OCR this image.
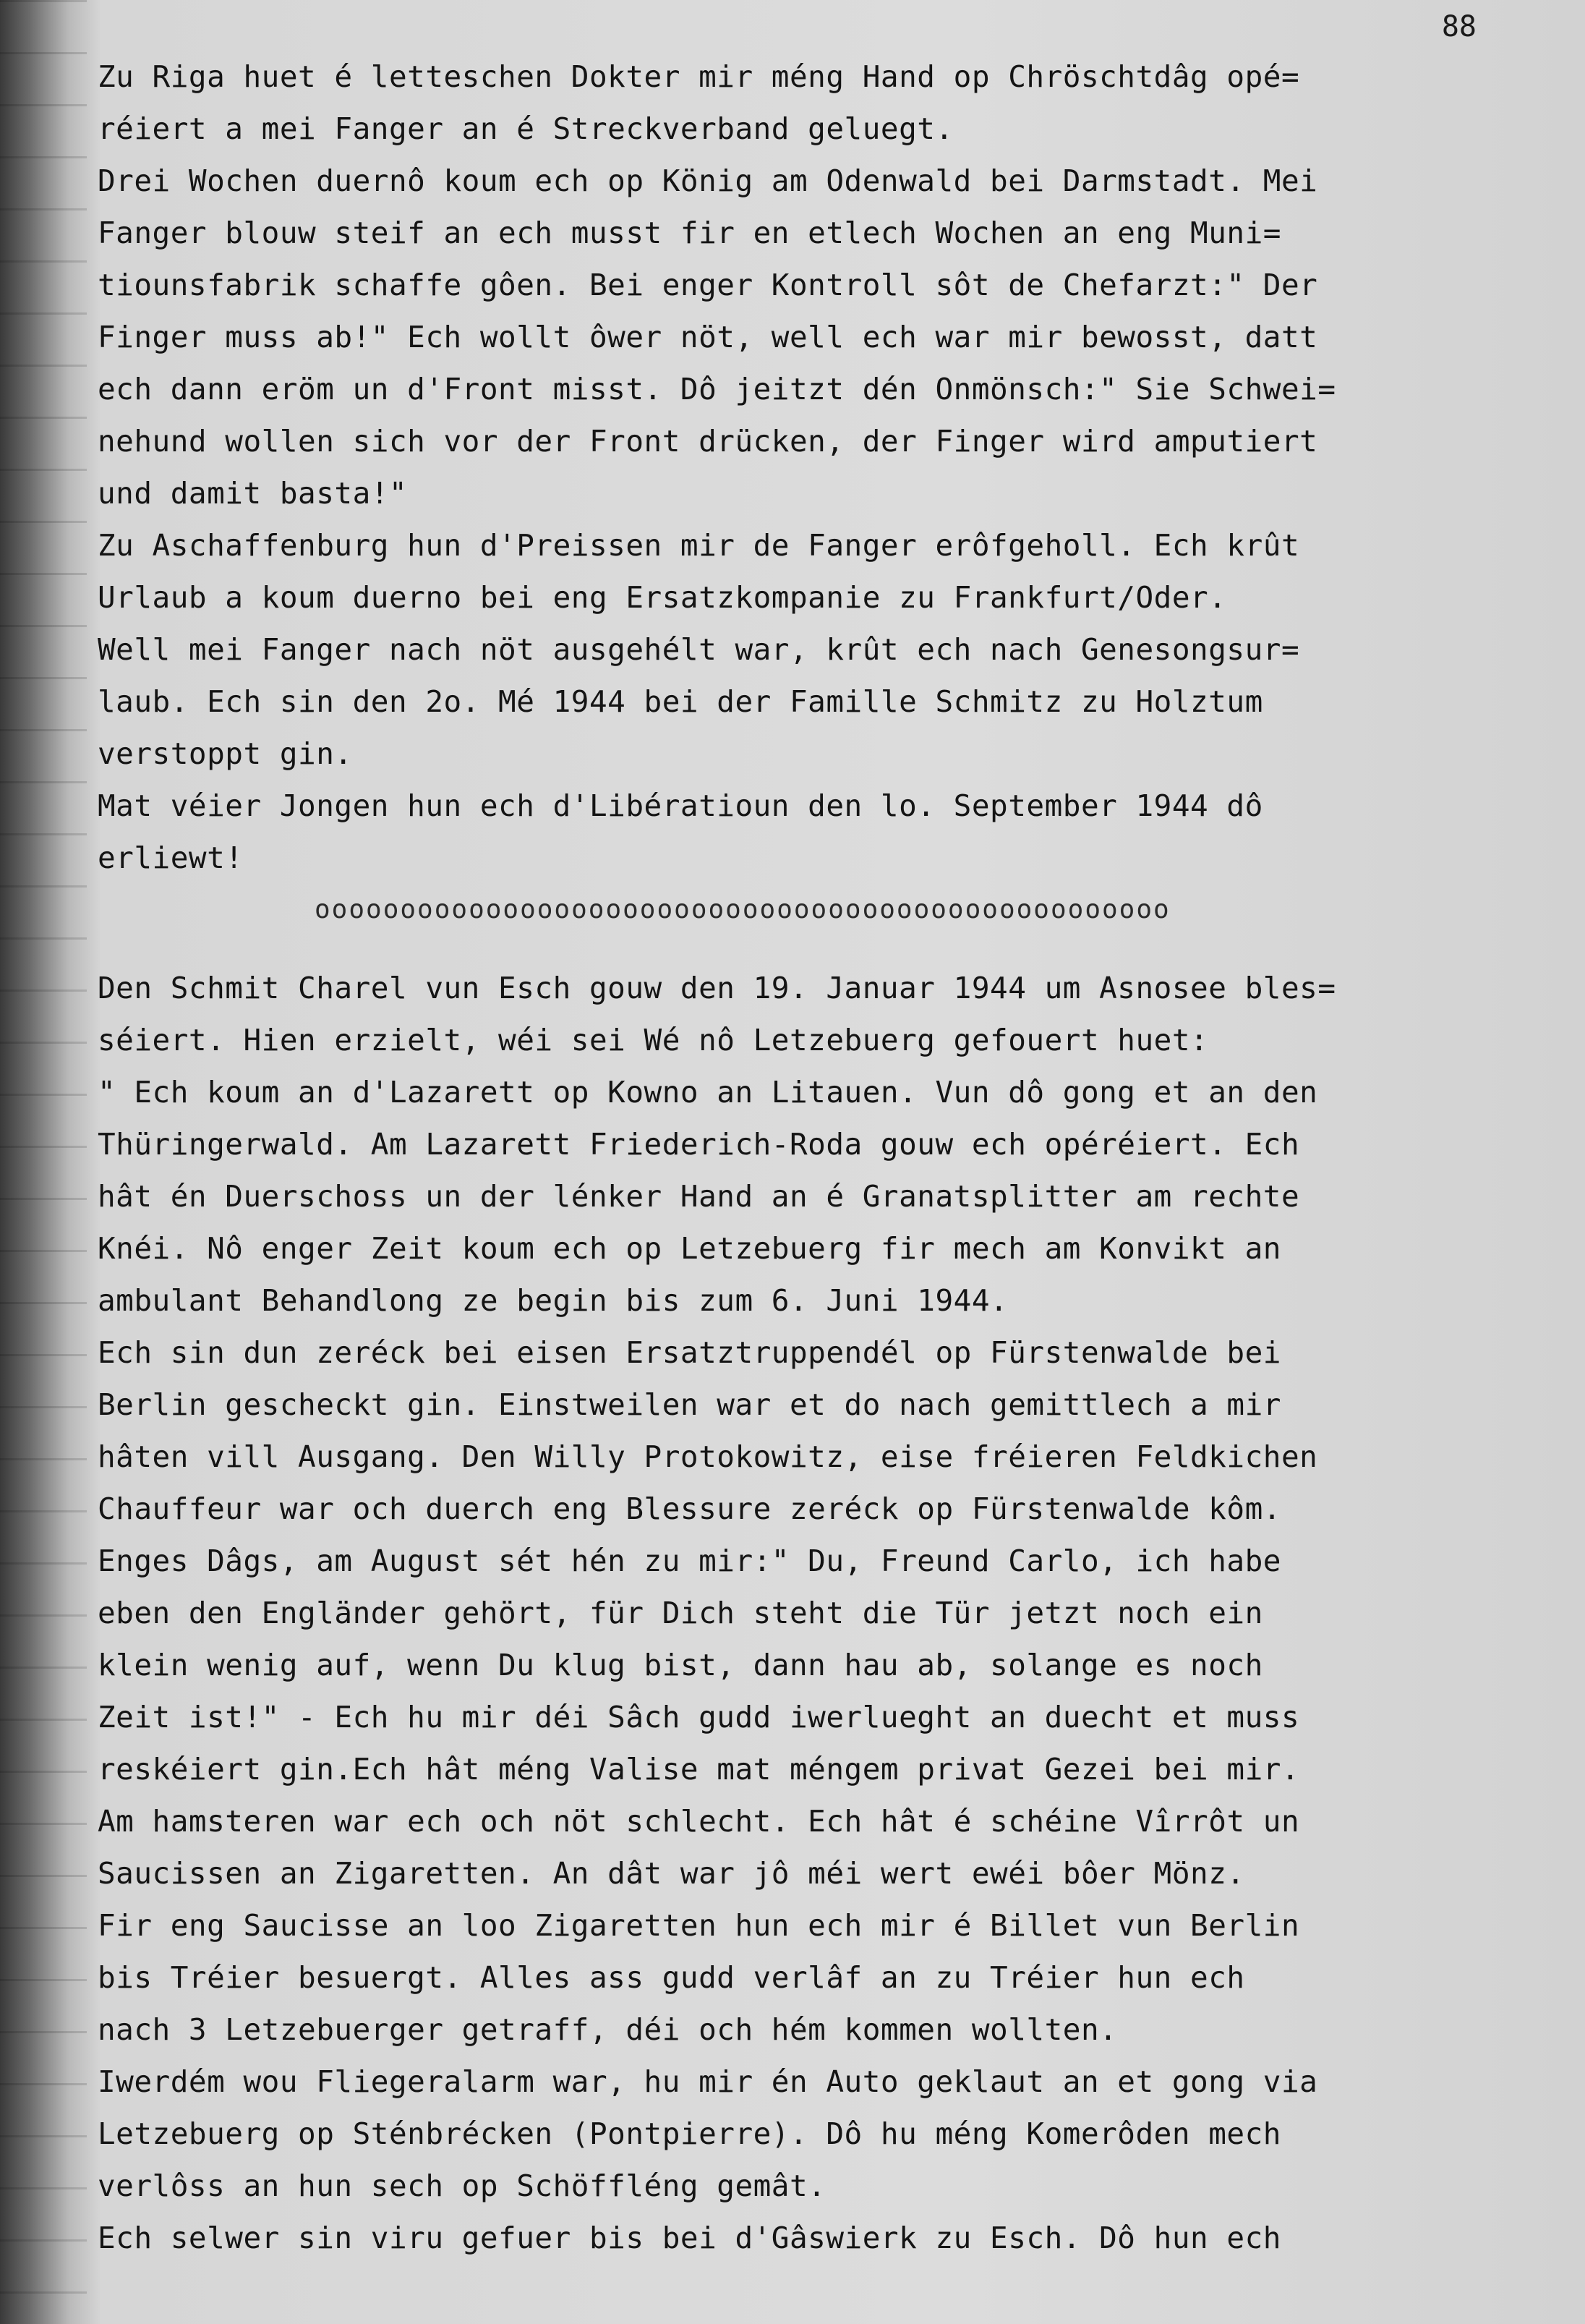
88
Zu Riga huet é letteschen Dokter mir méng Hand op Chröschtdâg opé=
réiert a mei Fanger an é Streckverband geluegt.
Drei Wochen duernô koum ech op König am Odenwald bei Darmstadt. Mei
Fanger blouw steif an ech musst fir en etlech Wochen an eng Muni=
tiounsfabrik schaffe gôen. Bei enger Kontroll sôt de Chefarzt:" Der
Finger muss ab!" Ech wollt ôwer nöt, well ech war mir bewosst, datt
ech dann eröm un d'Front misst. Dô jeitzt dén Onmönsch:" Sie Schwei=
nehund wollen sich vor der Front drücken, der Finger wird amputiert
und damit basta!"
Zu Aschaffenburg hun d'Preissen mir de Fanger erôfgeholl. Ech krût
Urlaub a koum duerno bei eng Ersatzkompanie zu Frankfurt/Oder.
Well mei Fanger nach nöt ausgehélt war, krût ech nach Genesongsur=
laub. Ech sin den 2o. Mé 1944 bei der Famille Schmitz zu Holztum
verstoppt gin.
Mat véier Jongen hun ech d'Libératioun den lo. September 1944 dô
erliewt!
oooooooooooooooooooooooooooooooooooooooooooooooooo
Den Schmit Charel vun Esch gouw den 19. Januar 1944 um Asnosee bles=
séiert. Hien erzielt, wéi sei Wé nô Letzebuerg gefouert huet:
" Ech koum an d'Lazarett op Kowno an Litauen. Vun dô gong et an den
Thüringerwald. Am Lazarett Friederich-Roda gouw ech opéréiert. Ech
hât én Duerschoss un der lénker Hand an é Granatsplitter am rechte
Knéi. Nô enger Zeit koum ech op Letzebuerg fir mech am Konvikt an
ambulant Behandlong ze begin bis zum 6. Juni 1944.
Ech sin dun zeréck bei eisen Ersatztruppendél op Fürstenwalde bei
Berlin gescheckt gin. Einstweilen war et do nach gemittlech a mir
hâten vill Ausgang. Den Willy Protokowitz, eise fréieren Feldkichen
Chauffeur war och duerch eng Blessure zeréck op Fürstenwalde kôm.
Enges Dâgs, am August sét hén zu mir:" Du, Freund Carlo, ich habe
eben den Engländer gehört, für Dich steht die Tür jetzt noch ein
klein wenig auf, wenn Du klug bist, dann hau ab, solange es noch
Zeit ist!" - Ech hu mir déi Sâch gudd iwerlueght an duecht et muss
reskéiert gin.Ech hât méng Valise mat méngem privat Gezei bei mir.
Am hamsteren war ech och nöt schlecht. Ech hât é schéine Vîrrôt un
Saucissen an Zigaretten. An dât war jô méi wert ewéi bôer Mönz.
Fir eng Saucisse an loo Zigaretten hun ech mir é Billet vun Berlin
bis Tréier besuergt. Alles ass gudd verlâf an zu Tréier hun ech
nach 3 Letzebuerger getraff, déi och hém kommen wollten.
Iwerdém wou Fliegeralarm war, hu mir én Auto geklaut an et gong via
Letzebuerg op Sténbrécken (Pontpierre). Dô hu méng Komerôden mech
verlôss an hun sech op Schöffléng gemât.
Ech selwer sin viru gefuer bis bei d'Gâswierk zu Esch. Dô hun ech
